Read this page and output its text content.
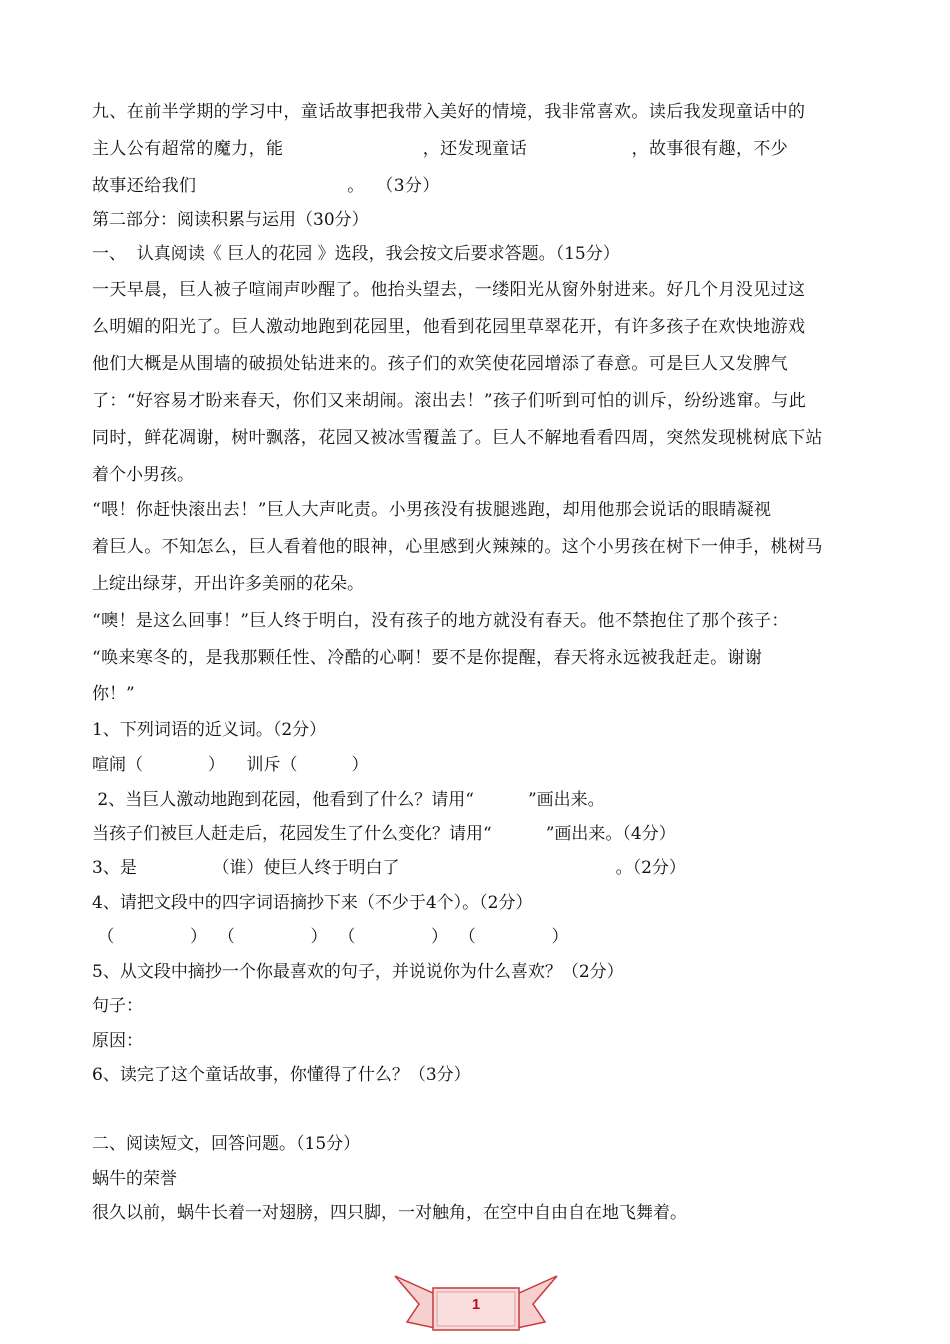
九、在前半学期的学习中，童话故事把我带入美好的情境，我非常喜欢。读后我发现童话中的
主人公有超常的魔力，能                        ，还发现童话                  ，故事很有趣，不少
故事还给我们                          。  （3分）
第二部分：阅读积累与运用（30分）
一、  认真阅读《 巨人的花园 》选段，我会按文后要求答题。（15分）
一天早晨，巨人被子喧闹声吵醒了。他抬头望去，一缕阳光从窗外射进来。好几个月没见过这
么明媚的阳光了。巨人激动地跑到花园里，他看到花园里草翠花开，有许多孩子在欢快地游戏
他们大概是从围墙的破损处钻进来的。孩子们的欢笑使花园增添了春意。可是巨人又发脾气
了：“好容易才盼来春天，你们又来胡闹。滚出去！”孩子们听到可怕的训斥，纷纷逃窜。与此
同时，鲜花凋谢，树叶飘落，花园又被冰雪覆盖了。巨人不解地看看四周，突然发现桃树底下站
着个小男孩。
“喂！你赶快滚出去！”巨人大声叱责。小男孩没有拔腿逃跑，却用他那会说话的眼睛凝视
着巨人。不知怎么，巨人看着他的眼神，心里感到火辣辣的。这个小男孩在树下一伸手，桃树马
上绽出绿芽，开出许多美丽的花朵。
“噢！是这么回事！”巨人终于明白，没有孩子的地方就没有春天。他不禁抱住了那个孩子：
“唤来寒冬的，是我那颗任性、冷酷的心啊！要不是你提醒，春天将永远被我赶走。谢谢
你！”
1、下列词语的近义词。（2分）
喧闹（            ）    训斥（          ）
2、当巨人激动地跑到花园，他看到了什么？请用“          ”画出来。
当孩子们被巨人赶走后，花园发生了什么变化？请用“          ”画出来。（4分）
3、是              （谁）使巨人终于明白了                                        。（2分）
4、请把文段中的四字词语摘抄下来（不少于4个）。（2分）
（              ）  （              ）  （              ）  （              ）
5、从文段中摘抄一个你最喜欢的句子，并说说你为什么喜欢？（2分）
句子：
原因：
6、读完了这个童话故事，你懂得了什么？（3分）
二、阅读短文，回答问题。（15分）
蜗牛的荣誉
很久以前，蜗牛长着一对翅膀，四只脚，一对触角，在空中自由自在地飞舞着。
1
